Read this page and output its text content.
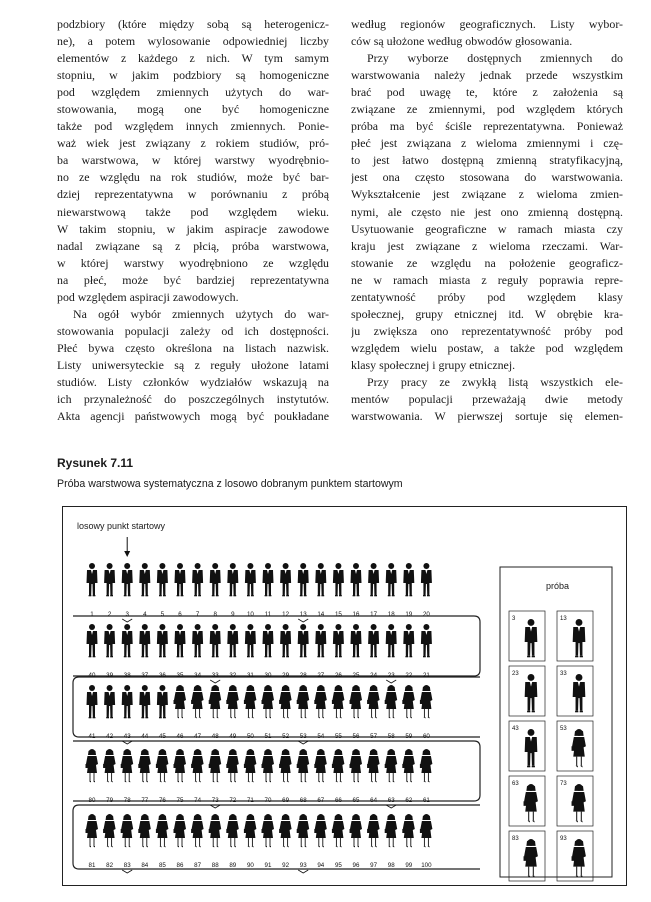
podzbiory (które między sobą są heterogenicz-
ne), a potem wylosowanie odpowiedniej liczby
elementów z każdego z nich. W tym samym
stopniu, w jakim podzbiory są homogeniczne
pod względem zmiennych użytych do war-
stowowania, mogą one być homogeniczne
także pod względem innych zmiennych. Ponie-
waż wiek jest związany z rokiem studiów, pró-
ba warstwowa, w której warstwy wyodrębnio-
no ze względu na rok studiów, może być bar-
dziej reprezentatywna w porównaniu z próbą
niewarstwową także pod względem wieku.
W takim stopniu, w jakim aspiracje zawodowe
nadal związane są z płcią, próba warstwowa,
w której warstwy wyodrębniono ze względu
na płeć, może być bardziej reprezentatywna
pod względem aspiracji zawodowych.
Na ogół wybór zmiennych użytych do war-
stowowania populacji zależy od ich dostępności.
Płeć bywa często określona na listach nazwisk.
Listy uniwersyteckie są z reguły ułożone latami
studiów. Listy członków wydziałów wskazują na
ich przynależność do poszczególnych instytutów.
Akta agencji państwowych mogą być poukładane
według regionów geograficznych. Listy wybor-
ców są ułożone według obwodów głosowania.
Przy wyborze dostępnych zmiennych do
warstwowania należy jednak przede wszystkim
brać pod uwagę te, które z założenia są
związane ze zmiennymi, pod względem których
próba ma być ściśle reprezentatywna. Ponieważ
płeć jest związana z wieloma zmiennymi i czę-
to jest łatwo dostępną zmienną stratyfikacyjną,
jest ona często stosowana do warstwowania.
Wykształcenie jest związane z wieloma zmien-
nymi, ale często nie jest ono zmienną dostępną.
Usytuowanie geograficzne w ramach miasta czy
kraju jest związane z wieloma rzeczami. War-
stowanie ze względu na położenie geograficz-
ne w ramach miasta z reguły poprawia repre-
zentatywność próby pod względem klasy
społecznej, grupy etnicznej itd. W obrębie kra-
ju zwiększa ono reprezentatywność próby pod
względem wielu postaw, a także pod względem
klasy społecznej i grupy etnicznej.
Przy pracy ze zwykłą listą wszystkich ele-
mentów populacji przeważają dwie metody
warstwowania. W pierwszej sortuje się elemen-
Rysunek 7.11
Próba warstwowa systematyczna z losowo dobranym punktem startowym
1 2 3 4 5 6 7 8 9 10 11 12 13 14 15 16 17 18 19 20
40 39 38 37 36 35 34 33 32 31 30 29 28 27 26 25 24 23 22 21
41 42 43 44 45 46 47 48 49 50 51 52 53 54 55 56 57 58 59 60
80 79 78 77 76 75 74 73 72 71 70 69 68 67 66 65 64 63 62 61
81 82 83 84 85 86 87 88 89 90 91 92 93 94 95 96 97 98 99 100
3	13
23	33
43	53
63	73
83	93
losowy punkt startowy
próba
